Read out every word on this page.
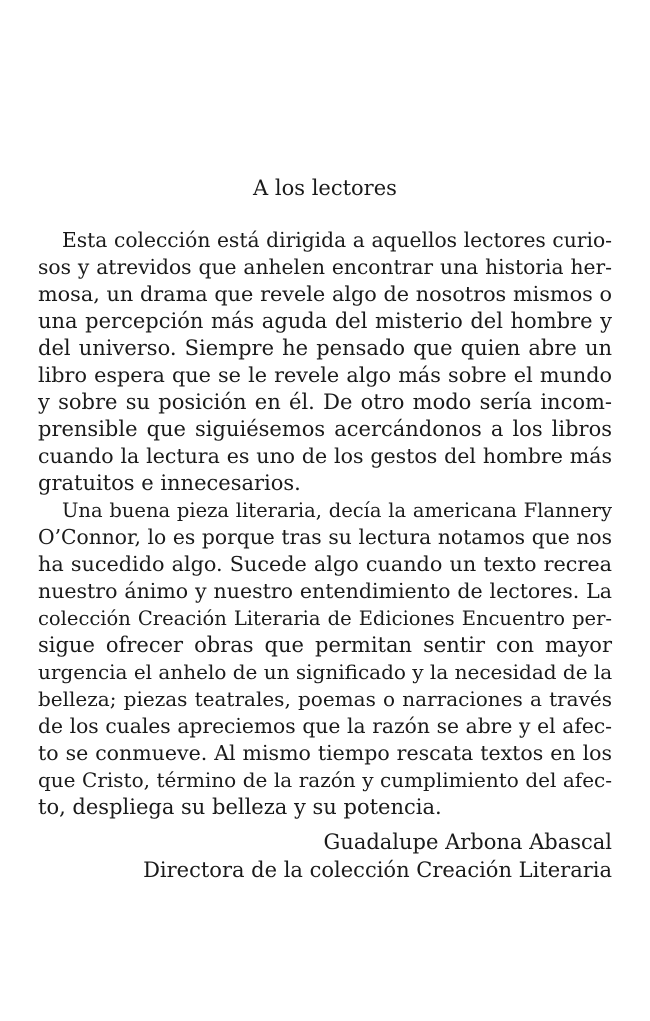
A los lectores
Esta colección está dirigida a aquellos lectores curio-
sos y atrevidos que anhelen encontrar una historia her-
mosa, un drama que revele algo de nosotros mismos o
una percepción más aguda del misterio del hombre y
del universo. Siempre he pensado que quien abre un
libro espera que se le revele algo más sobre el mundo
y sobre su posición en él. De otro modo sería incom-
prensible que siguiésemos acercándonos a los libros
cuando la lectura es uno de los gestos del hombre más
gratuitos e innecesarios.
Una buena pieza literaria, decía la americana Flannery
O’Connor, lo es porque tras su lectura notamos que nos
ha sucedido algo. Sucede algo cuando un texto recrea
nuestro ánimo y nuestro entendimiento de lectores. La
colección Creación Literaria de Ediciones Encuentro per-
sigue ofrecer obras que permitan sentir con mayor
urgencia el anhelo de un significado y la necesidad de la
belleza; piezas teatrales, poemas o narraciones a través
de los cuales apreciemos que la razón se abre y el afec-
to se conmueve. Al mismo tiempo rescata textos en los
que Cristo, término de la razón y cumplimiento del afec-
to, despliega su belleza y su potencia.
Guadalupe Arbona Abascal
Directora de la colección Creación Literaria
